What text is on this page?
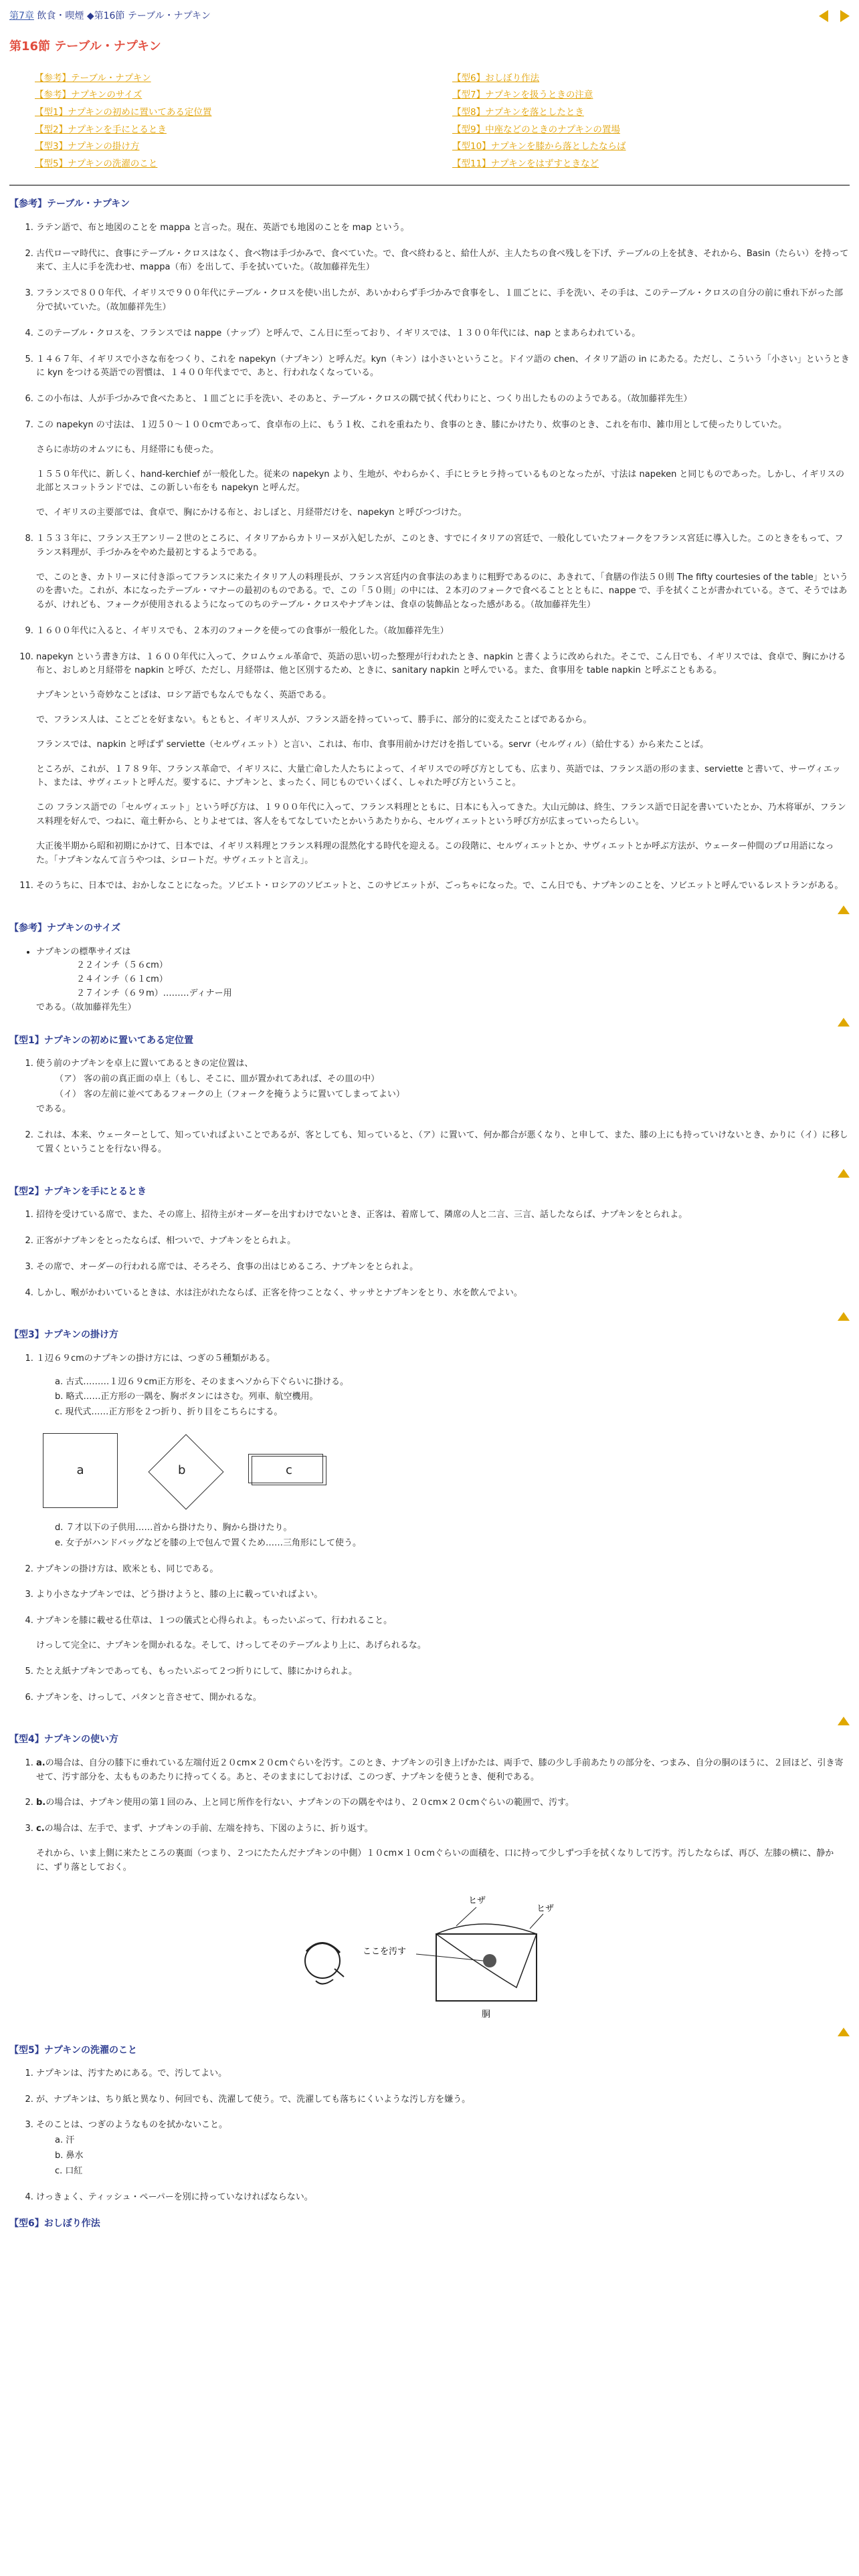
第7章 飲食・喫煙 ◆第16節 テーブル・ナプキン
第16節 テーブル・ナプキン
【参考】テーブル・ナプキン
【参考】ナプキンのサイズ
【型1】ナプキンの初めに置いてある定位置
【型2】ナプキンを手にとるとき
【型3】ナプキンの掛け方
【型5】ナプキンの洗濯のこと
【型6】おしぼり作法
【型7】ナプキンを扱うときの注意
【型8】ナプキンを落としたとき
【型9】中座などのときのナプキンの置場
【型10】ナプキンを膝から落としたならば
【型11】ナプキンをはずすときなど
【参考】テーブル・ナプキン
1. ラテン語で、布と地図のことを mappa と言った。現在、英語でも地図のことを map という。
2. 古代ローマ時代に、食事にテーブル・クロスはなく、食べ物は手づかみで、食べていた。で、食べ終わると、給仕人が、主人たちの食べ残しを下げ、テーブルの上を拭き、それから、Basin（たらい）を持って来て、主人に手を洗わせ、mappa（布）を出して、手を拭いていた。（故加藤祥先生）
3. フランスで８００年代、イギリスで９００年代にテーブル・クロスを使い出したが、あいかわらず手づかみで食事をし、１皿ごとに、手を洗い、その手は、このテーブル・クロスの自分の前に垂れ下がった部分で拭いていた。（故加藤祥先生）
4. このテーブル・クロスを、フランスでは nappe（ナップ）と呼んで、こん日に至っており、イギリスでは、１３００年代には、nap とまあらわれている。
5. １４６７年、イギリスで小さな布をつくり、これを napekyn（ナプキン）と呼んだ。kyn（キン）は小さいということ。ドイツ語の chen、イタリア語の in にあたる。ただし、こういう「小さい」というときに kyn をつける英語での習慣は、１４００年代までで、あと、行われなくなっている。
6. この小布は、人が手づかみで食べたあと、１皿ごとに手を洗い、そのあと、テーブル・クロスの隅で拭く代わりにと、つくり出したもののようである。（故加藤祥先生）
7. この napekyn の寸法は、１辺５０～１００cmであって、食卓布の上に、もう１枚、これを重ねたり、食事のとき、膝にかけたり、炊事のとき、これを布巾、雑巾用として使ったりしていた。
さらに赤坊のオムツにも、月経帯にも使った。
１５５０年代に、新しく、hand-kerchief が一般化した。従来の napekyn より、生地が、やわらかく、手にヒラヒラ持っているものとなったが、寸法は napeken と同じものであった。しかし、イギリスの北部とスコットランドでは、この新しい布をも napekyn と呼んだ。
で、イギリスの主要部では、食卓で、胸にかける布と、おしぼと、月経帯だけを、napekyn と呼びつづけた。
8. １５３３年に、フランス王アンリー２世のところに、イタリアからカトリーヌが入妃したが、このとき、すでにイタリアの宮廷で、一般化していたフォークをフランス宮廷に導入した。このときをもって、フランス料理が、手づかみをやめた最初とするようである。
で、このとき、カトリーヌに付き添ってフランスに来たイタリア人の料理長が、フランス宮廷内の食事法のあまりに粗野であるのに、あきれて、「食膳の作法５０則 The fifty courtesies of the table」というのを書いた。これが、本になったテーブル・マナーの最初のものである。で、この「５０則」の中には、２本刃のフォークで食べることとともに、nappe で、手を拭くことが書かれている。さて、そうではあるが、けれども、フォークが使用されるようになってのちのテーブル・クロスやナプキンは、食卓の装飾品となった感がある。（故加藤祥先生）
9. １６００年代に入ると、イギリスでも、２本刃のフォークを使っての食事が一般化した。（故加藤祥先生）
10. napekyn という書き方は、１６００年代に入って、クロムウェル革命で、英語の思い切った整理が行われたとき、napkin と書くように改められた。そこで、こん日でも、イギリスでは、食卓で、胸にかける布と、おしめと月経帯を napkin と呼び、ただし、月経帯は、他と区別するため、ときに、sanitary napkin と呼んでいる。また、食事用を table napkin と呼ぶこともある。
ナプキンという奇妙なことばは、ロシア語でもなんでもなく、英語である。
で、フランス人は、ことごとを好まない。もともと、イギリス人が、フランス語を持っていって、勝手に、部分的に変えたことばであるから。
フランスでは、napkin と呼ばず serviette（セルヴィエット）と言い、これは、布巾、食事用前かけだけを指している。servr（セルヴィル）（給仕する）から来たことば。
ところが、これが、１７８９年、フランス革命で、イギリスに、大量亡命した人たちによって、イギリスでの呼び方としても、広まり、英語では、フランス語の形のまま、serviette と書いて、サーヴィエット、または、サヴィエットと呼んだ。要するに、ナプキンと、まったく、同じものでいくばく、しゃれた呼び方ということ。
この フランス語での「セルヴィエット」という呼び方は、１９００年代に入って、フランス料理とともに、日本にも入ってきた。大山元帥は、終生、フランス語で日記を書いていたとか、乃木将軍が、フランス料理を好んで、つねに、竜土軒から、とりよせては、客人をもてなしていたとかいうあたりから、セルヴィエットという呼び方が広まっていったらしい。
大正後半期から昭和初期にかけて、日本では、イギリス料理とフランス料理の混然化する時代を迎える。この段階に、セルヴィエットとか、サヴィエットとか呼ぶ方法が、ウェーター仲間のプロ用語になった。「ナプキンなんて言うやつは、シロートだ。サヴィエットと言え」。
11. そのうちに、日本では、おかしなことになった。ソビエト・ロシアのソビエットと、このサビエットが、ごっちゃになった。で、こん日でも、ナプキンのことを、ソビエットと呼んでいるレストランがある。
【参考】ナプキンのサイズ
• ナプキンの標準サイズは
２２インチ（５６cm）
２４インチ（６１cm）
２７インチ（６９m）………ディナー用
である。（故加藤祥先生）
【型1】ナプキンの初めに置いてある定位置
1. 使う前のナプキンを卓上に置いてあるときの定位置は、
（ア） 客の前の真正面の卓上（もし、そこに、皿が置かれてあれば、その皿の中）
（イ） 客の左前に並べてあるフォークの上（フォークを掩うように置いてしまってよい）
である。
2. これは、本来、ウェーターとして、知っていればよいことであるが、客としても、知っていると、（ア）に置いて、何か都合が悪くなり、と申して、また、膝の上にも持っていけないとき、かりに（イ）に移して置くということを行ない得る。
【型2】ナプキンを手にとるとき
1. 招待を受けている席で、また、その席上、招待主がオーダーを出すわけでないとき、正客は、着席して、隣席の人と二言、三言、話したならば、ナプキンをとられよ。
2. 正客がナプキンをとったならば、相ついで、ナプキンをとられよ。
3. その席で、オーダーの行われる席では、そろそろ、食事の出はじめるころ、ナプキンをとられよ。
4. しかし、喉がかわいているときは、水は注がれたならば、正客を待つことなく、サッサとナプキンをとり、水を飲んでよい。
【型3】ナプキンの掛け方
1. １辺６９cmのナプキンの掛け方には、つぎの５種類がある。
a. 古式………１辺６９cm正方形を、そのままヘソから下ぐらいに掛ける。
b. 略式……正方形の一隅を、胸ボタンにはさむ。列車、航空機用。
c. 現代式……正方形を２つ折り、折り目をこちらにする。
a	b	c
d. ７才以下の子供用……首から掛けたり、胸から掛けたり。
e. 女子がハンドバッグなどを膝の上で包んで置くため……三角形にして使う。
2. ナプキンの掛け方は、欧米とも、同じである。
3. より小さなナプキンでは、どう掛けようと、膝の上に載っていればよい。
4. ナプキンを膝に載せる仕草は、１つの儀式と心得られよ。もったいぶって、行われること。
けっして完全に、ナプキンを開かれるな。そして、けっしてそのテーブルより上に、あげられるな。
5. たとえ紙ナプキンであっても、もったいぶって２つ折りにして、膝にかけられよ。
6. ナプキンを、けっして、パタンと音させて、開かれるな。
【型4】ナプキンの使い方
1. a.の場合は、自分の膝下に垂れている左端付近２０cm×２０cmぐらいを汚す。このとき、ナプキンの引き上げかたは、両手で、膝の少し手前あたりの部分を、つまみ、自分の胴のほうに、２回ほど、引き寄せて、汚す部分を、太もものあたりに持ってくる。あと、そのままにしておけば、このつぎ、ナプキンを使うとき、便利である。
2. b.の場合は、ナプキン使用の第１回のみ、上と同じ所作を行ない、ナプキンの下の隅をやはり、２０cm×２０cmぐらいの範囲で、汚す。
3. c.の場合は、左手で、まず、ナプキンの手前、左端を持ち、下図のように、折り返す。
それから、いま上側に来たところの裏面（つまり、２つにたたんだナプキンの中側）１０cm×１０cmぐらいの面積を、口に持って少しずつ手を拭くなりして汚す。汚したならば、再び、左膝の横に、静かに、ずり落としておく。
ヒザ
ヒザ
ここを汚す
胴
【型5】ナプキンの洗濯のこと
1. ナプキンは、汚すためにある。で、汚してよい。
2. が、ナプキンは、ちり紙と異なり、何回でも、洗濯して使う。で、洗濯しても落ちにくいような汚し方を嫌う。
3. そのことは、つぎのようなものを拭かないこと。
a. 汗
b. 鼻水
c. 口紅
4. けっきょく、ティッシュ・ペーパーを別に持っていなければならない。
【型6】おしぼり作法
